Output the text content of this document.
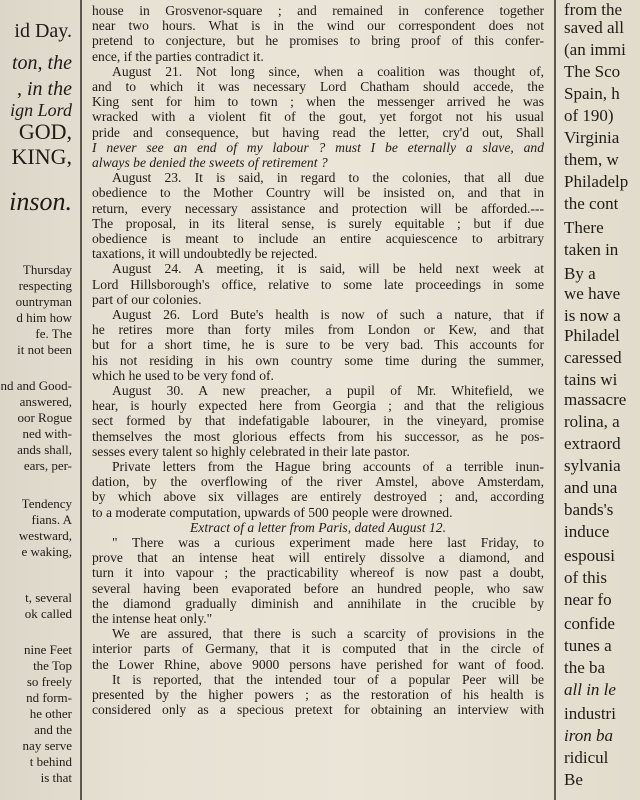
id Day.
ton, the
, in the
ign Lord
GOD,
KING,
inson.
Thursday
respecting
ountryman
d him how
fe. The
it not been
nd and Good-
answered,
oor Rogue
ned with-
ands shall,
ears, per-
Tendency
fians. A
westward,
e waking,
t, several
ok called
nine Feet
the Top
so freely
nd form-
he other
and the
nay serve
t behind
is that
house in Grosvenor-square ; and remained in conference together
near two hours. What is in the wind our correspondent does not
pretend to conjecture, but he promises to bring proof of this confer-
ence, if the parties contradict it.
August 21. Not long since, when a coalition was thought of,
and to which it was necessary Lord Chatham should accede, the
King sent for him to town ; when the messenger arrived he was
wracked with a violent fit of the gout, yet forgot not his usual
pride and consequence, but having read the letter, cry'd out, Shall
I never see an end of my labour ? must I be eternally a slave, and
always be denied the sweets of retirement ?
August 23. It is said, in regard to the colonies, that all due
obedience to the Mother Country will be insisted on, and that in
return, every necessary assistance and protection will be afforded.---
The proposal, in its literal sense, is surely equitable ; but if due
obedience is meant to include an entire acquiescence to arbitrary
taxations, it will undoubtedly be rejected.
August 24. A meeting, it is said, will be held next week at
Lord Hillsborough's office, relative to some late proceedings in some
part of our colonies.
August 26. Lord Bute's health is now of such a nature, that if
he retires more than forty miles from London or Kew, and that
but for a short time, he is sure to be very bad. This accounts for
his not residing in his own country some time during the summer,
which he used to be very fond of.
August 30. A new preacher, a pupil of Mr. Whitefield, we
hear, is hourly expected here from Georgia ; and that the religious
sect formed by that indefatigable labourer, in the vineyard, promise
themselves the most glorious effects from his successor, as he pos-
sesses every talent so highly celebrated in their late pastor.
Private letters from the Hague bring accounts of a terrible inun-
dation, by the overflowing of the river Amstel, above Amsterdam,
by which above six villages are entirely destroyed ; and, according
to a moderate computation, upwards of 500 people were drowned.
Extract of a letter from Paris, dated August 12.
" There was a curious experiment made here last Friday, to
prove that an intense heat will entirely dissolve a diamond, and
turn it into vapour ; the practicability whereof is now past a doubt,
several having been evaporated before an hundred people, who saw
the diamond gradually diminish and annihilate in the crucible by
the intense heat only."
We are assured, that there is such a scarcity of provisions in the
interior parts of Germany, that it is computed that in the circle of
the Lower Rhine, above 9000 persons have perished for want of food.
It is reported, that the intended tour of a popular Peer will be
presented by the higher powers ; as the restoration of his health is
considered only as a specious pretext for obtaining an interview with
from the
saved all
(an immi
The Sco
Spain, h
of 190)
Virginia
them, w
Philadelp
the cont
There
taken in
By a
we have
is now a
Philadel
caressed
tains wi
massacre
rolina, a
extraord
sylvania
and una
bands's
induce
espousi
of this
near fo
confide
tunes a
the ba
all in le
industri
iron ba
ridicul
Be
